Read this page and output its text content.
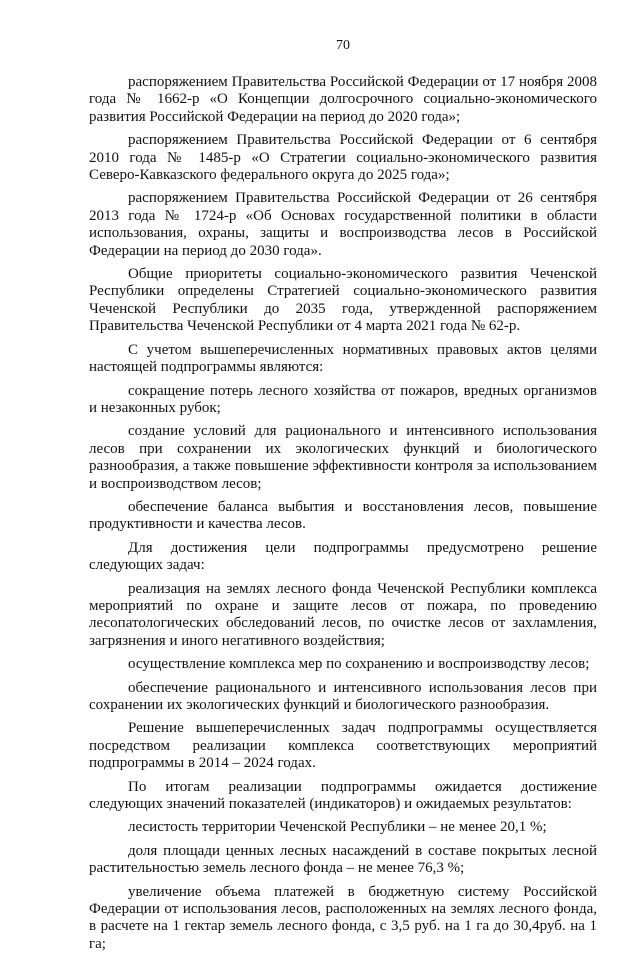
70

распоряжением Правительства Российской Федерации от 17 ноября 2008 года № 1662-р «О Концепции долгосрочного социально-экономического развития Российской Федерации на период до 2020 года»;

распоряжением Правительства Российской Федерации от 6 сентября 2010 года № 1485-р «О Стратегии социально-экономического развития Северо-Кавказского федерального округа до 2025 года»;

распоряжением Правительства Российской Федерации от 26 сентября 2013 года № 1724-р «Об Основах государственной политики в области использования, охраны, защиты и воспроизводства лесов в Российской Федерации на период до 2030 года».

Общие приоритеты социально-экономического развития Чеченской Республики определены Стратегией социально-экономического развития Чеченской Республики до 2035 года, утвержденной распоряжением Правительства Чеченской Республики от 4 марта 2021 года № 62-р.

С учетом вышеперечисленных нормативных правовых актов целями настоящей подпрограммы являются:

сокращение потерь лесного хозяйства от пожаров, вредных организмов и незаконных рубок;

создание условий для рационального и интенсивного использования лесов при сохранении их экологических функций и биологического разнообразия, а также повышение эффективности контроля за использованием и воспроизводством лесов;

обеспечение баланса выбытия и восстановления лесов, повышение продуктивности и качества лесов.

Для достижения цели подпрограммы предусмотрено решение следующих задач:

реализация на землях лесного фонда Чеченской Республики комплекса мероприятий по охране и защите лесов от пожара, по проведению лесопатологических обследований лесов, по очистке лесов от захламления, загрязнения и иного негативного воздействия;

осуществление комплекса мер по сохранению и воспроизводству лесов;

обеспечение рационального и интенсивного использования лесов при сохранении их экологических функций и биологического разнообразия.

Решение вышеперечисленных задач подпрограммы осуществляется посредством реализации комплекса соответствующих мероприятий подпрограммы в 2014 – 2024 годах.

По итогам реализации подпрограммы ожидается достижение следующих значений показателей (индикаторов) и ожидаемых результатов:

лесистость территории Чеченской Республики – не менее 20,1 %;

доля площади ценных лесных насаждений в составе покрытых лесной растительностью земель лесного фонда – не менее 76,3 %;

увеличение объема платежей в бюджетную систему Российской Федерации от использования лесов, расположенных на землях лесного фонда, в расчете на 1 гектар земель лесного фонда, с 3,5 руб. на 1 га до 30,4руб. на 1 га;
